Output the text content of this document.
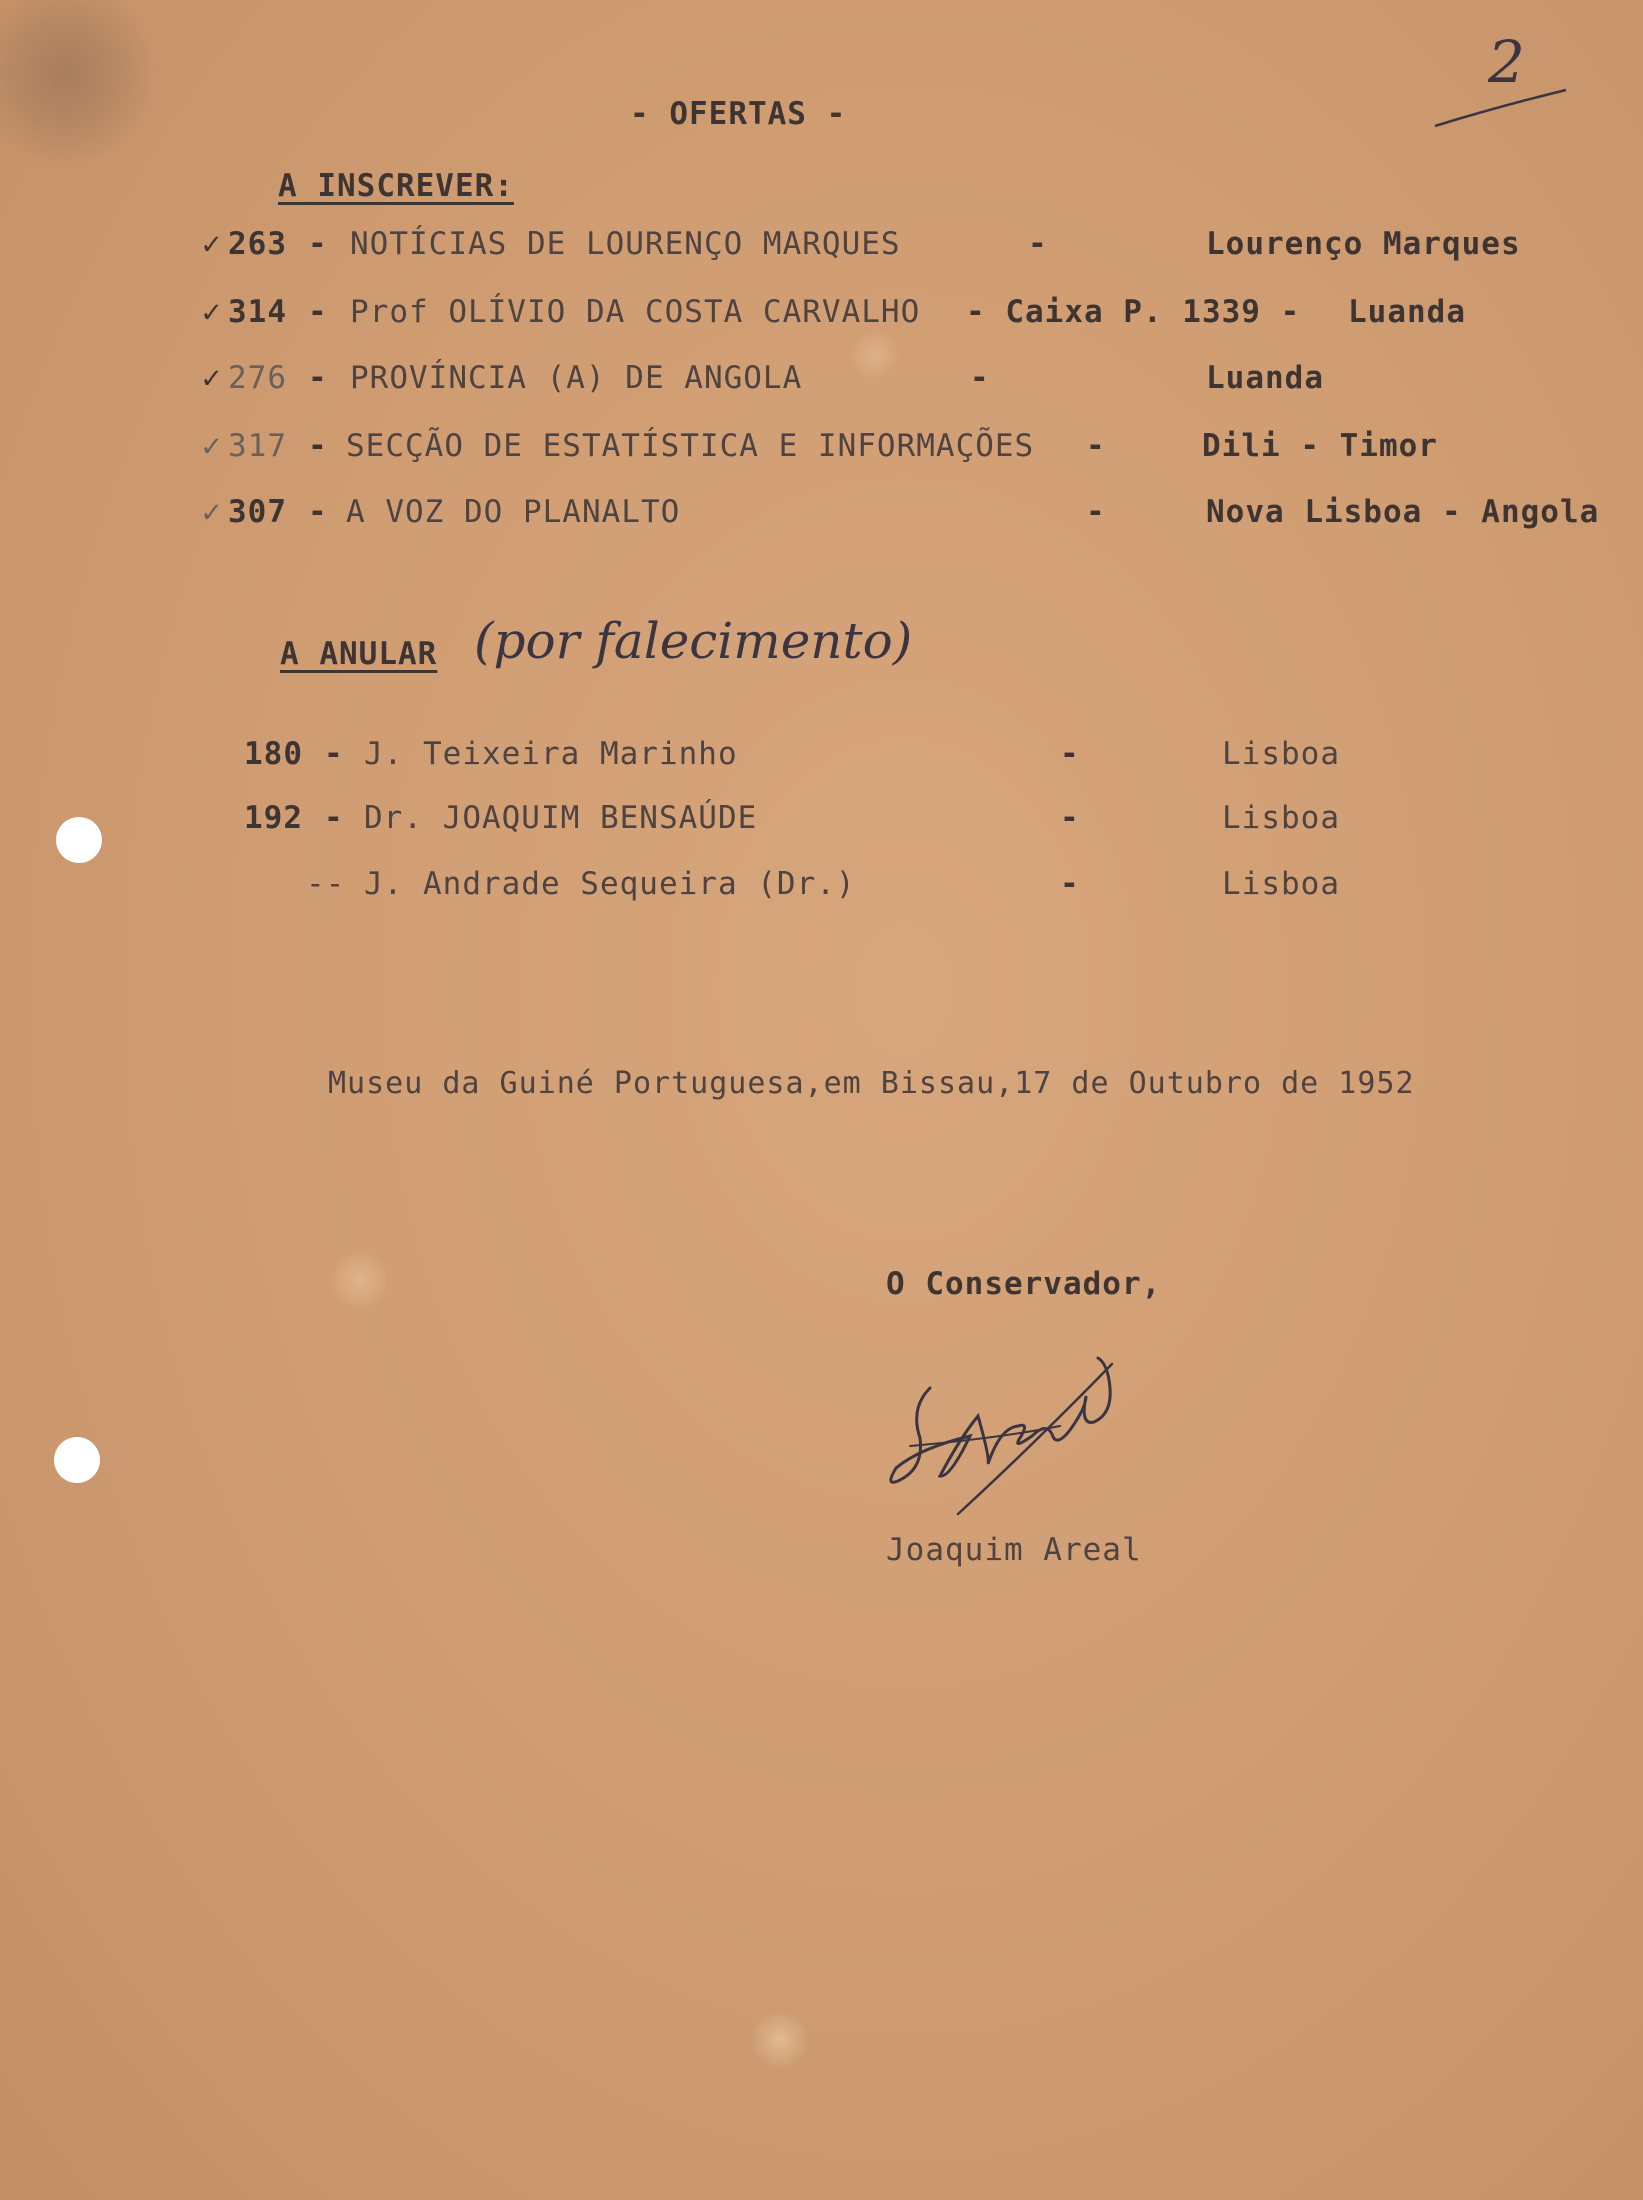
2
- OFERTAS -
A INSCREVER:
✓ 263 - NOTÍCIAS DE LOURENÇO MARQUES	-	Lourenço Marques
✓ 314 - Prof OLÍVIO DA COSTA CARVALHO - Caixa P. 1339 - Luanda
✓ 276 - PROVÍNCIA (A) DE ANGOLA	-	Luanda
✓ 317 - SECÇÃO DE ESTATÍSTICA E INFORMAÇÕES -	Dili - Timor
✓ 307 - A VOZ DO PLANALTO	-	Nova Lisboa - Angola
A ANULAR (por falecimento)
180 - J. Teixeira Marinho	-	Lisboa
192 - Dr. JOAQUIM BENSAÚDE	-	Lisboa
-- J. Andrade Sequeira (Dr.)	-	Lisboa
Museu da Guiné Portuguesa,em Bissau,17 de Outubro de 1952
O Conservador,
Joaquim Areal
